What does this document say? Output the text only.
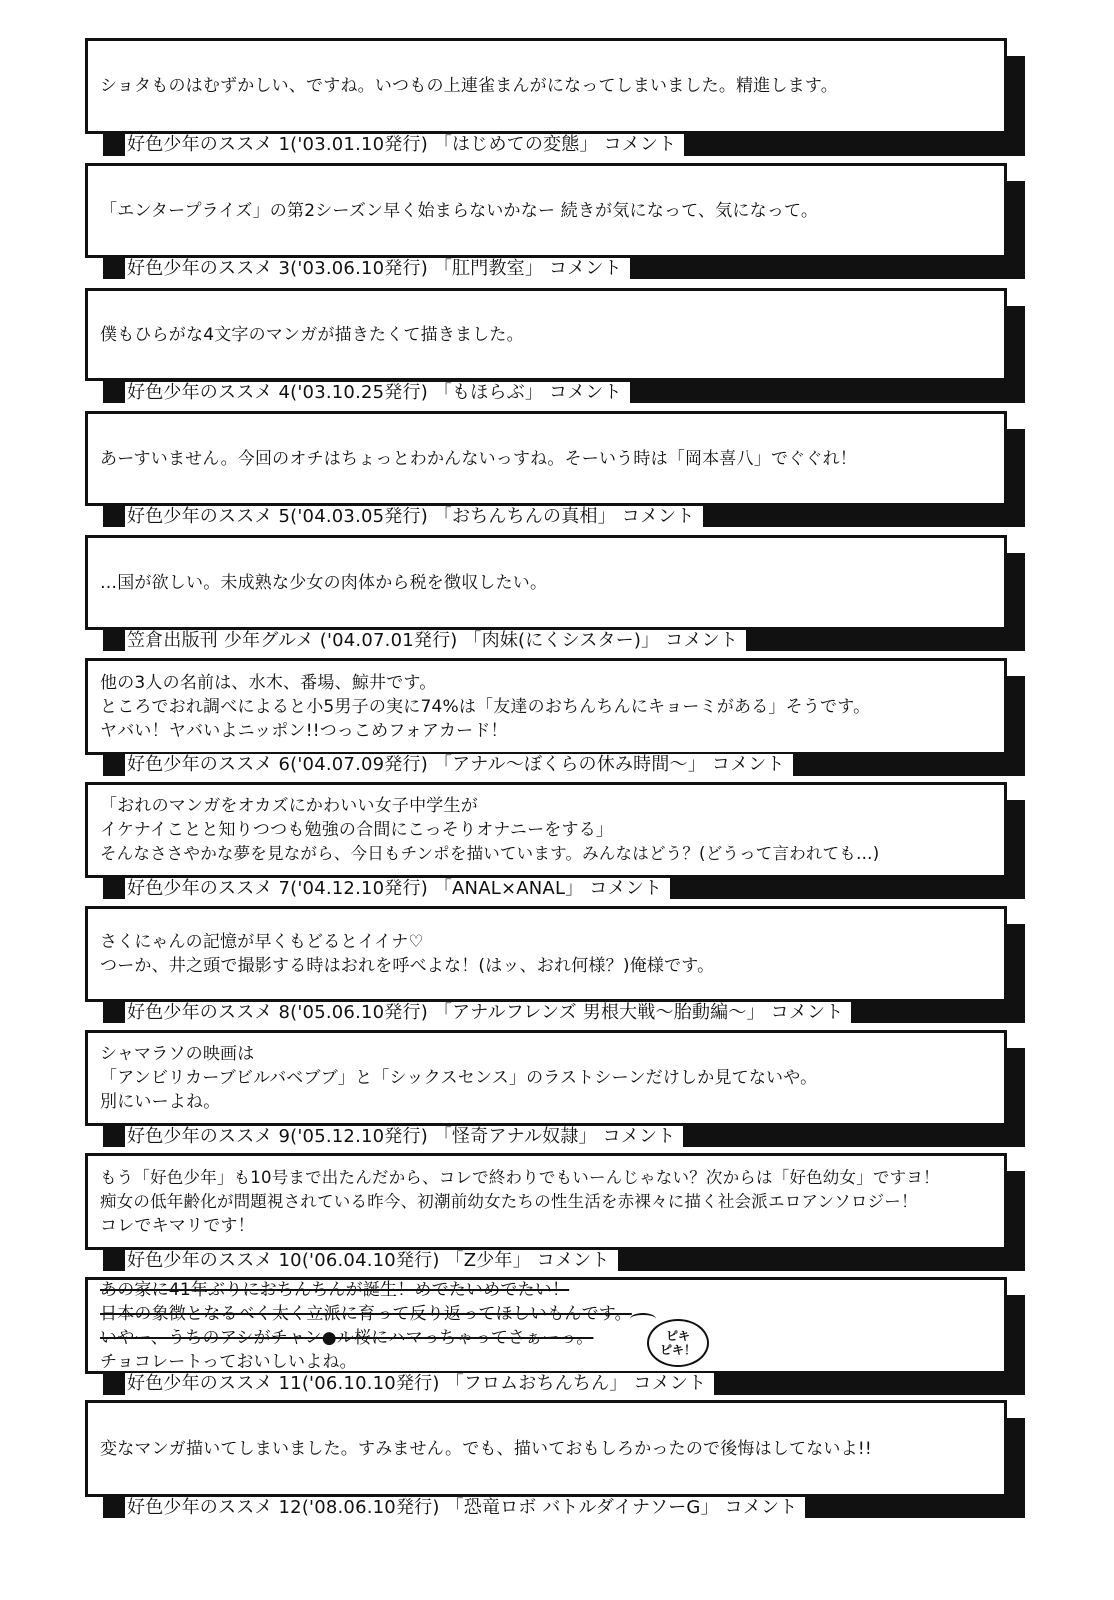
ショタものはむずかしい、ですね。いつもの上連雀まんがになってしまいました。精進します。
好色少年のススメ 1('03.01.10発行) 「はじめての変態」 コメント
「エンタープライズ」の第2シーズン早く始まらないかなー 続きが気になって、気になって。
好色少年のススメ 3('03.06.10発行) 「肛門教室」 コメント
僕もひらがな4文字のマンガが描きたくて描きました。
好色少年のススメ 4('03.10.25発行) 「もほらぶ」 コメント
あーすいません。今回のオチはちょっとわかんないっすね。そーいう時は「岡本喜八」でぐぐれ！
好色少年のススメ 5('04.03.05発行) 「おちんちんの真相」 コメント
…国が欲しい。未成熟な少女の肉体から税を徴収したい。
笠倉出版刊 少年グルメ ('04.07.01発行) 「肉妹(にくシスター)」 コメント
他の3人の名前は、水木、番場、鯨井です。
ところでおれ調べによると小5男子の実に74%は「友達のおちんちんにキョーミがある」そうです。
ヤバい！ヤバいよニッポン!!つっこめフォアカード！
好色少年のススメ 6('04.07.09発行) 「アナル～ぼくらの休み時間～」 コメント
「おれのマンガをオカズにかわいい女子中学生が
イケナイことと知りつつも勉強の合間にこっそりオナニーをする」
そんなささやかな夢を見ながら、今日もチンポを描いています。みんなはどう？(どうって言われても…)
好色少年のススメ 7('04.12.10発行) 「ANAL×ANAL」 コメント
さくにゃんの記憶が早くもどるとイイナ♡
つーか、井之頭で撮影する時はおれを呼べよな！(はッ、おれ何様？)俺様です。
好色少年のススメ 8('05.06.10発行) 「アナルフレンズ 男根大戦～胎動編～」 コメント
シャマラソの映画は
「アンビリカーブビルバベブブ」と「シックスセンス」のラストシーンだけしか見てないや。
別にいーよね。
好色少年のススメ 9('05.12.10発行) 「怪奇アナル奴隷」 コメント
もう「好色少年」も10号まで出たんだから、コレで終わりでもいーんじゃない？次からは「好色幼女」ですヨ！
痴女の低年齢化が問題視されている昨今、初潮前幼女たちの性生活を赤裸々に描く社会派エロアンソロジー！
コレでキマリです！
好色少年のススメ 10('06.04.10発行) 「Z少年」 コメント
あの家に41年ぶりにおちんちんが誕生！めでたいめでたい！
日本の象徴となるべく太く立派に育って反り返ってほしいもんです。
いやー、うちのアシがチャン●ル桜にハマっちゃってさぁーっ。
チョコレートっておいしいよね。
ピキ
ピキ！
好色少年のススメ 11('06.10.10発行) 「フロムおちんちん」 コメント
変なマンガ描いてしまいました。すみません。でも、描いておもしろかったので後悔はしてないよ!!
好色少年のススメ 12('08.06.10発行) 「恐竜ロボ バトルダイナソーG」 コメント
